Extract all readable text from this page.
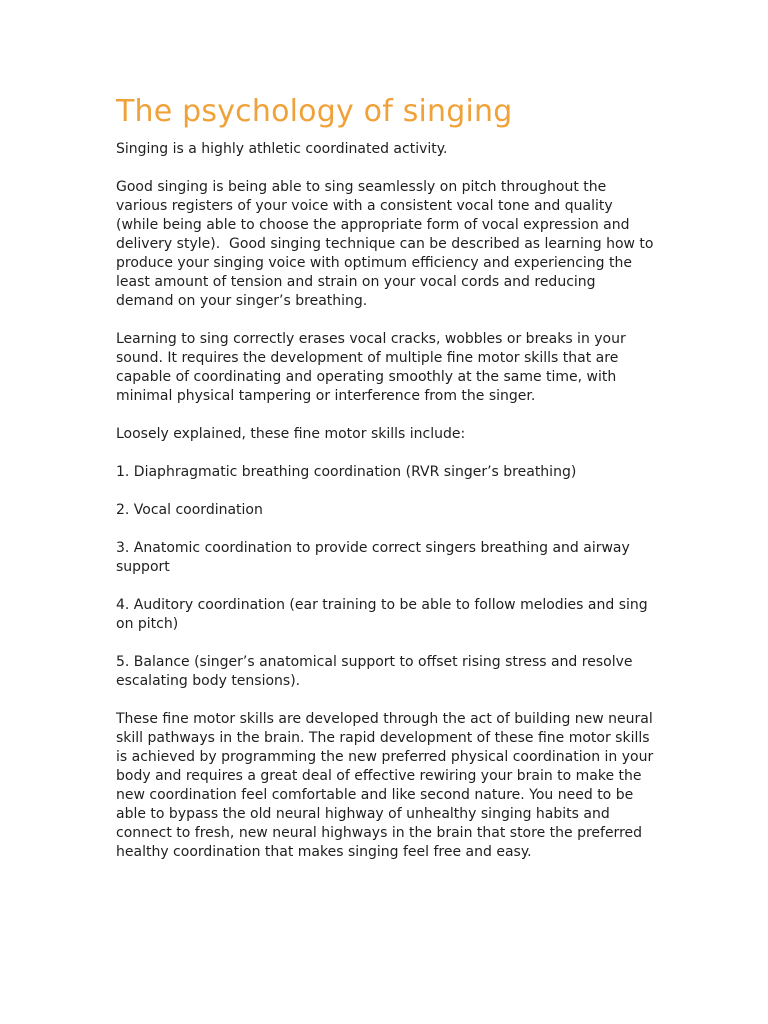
The psychology of singing

Singing is a highly athletic coordinated activity.

Good singing is being able to sing seamlessly on pitch throughout the various registers of your voice with a consistent vocal tone and quality (while being able to choose the appropriate form of vocal expression and delivery style).  Good singing technique can be described as learning how to produce your singing voice with optimum efficiency and experiencing the least amount of tension and strain on your vocal cords and reducing demand on your singer’s breathing.

Learning to sing correctly erases vocal cracks, wobbles or breaks in your sound. It requires the development of multiple fine motor skills that are capable of coordinating and operating smoothly at the same time, with minimal physical tampering or interference from the singer.

Loosely explained, these fine motor skills include:

1. Diaphragmatic breathing coordination (RVR singer’s breathing)

2. Vocal coordination

3. Anatomic coordination to provide correct singers breathing and airway support

4. Auditory coordination (ear training to be able to follow melodies and sing on pitch)

5. Balance (singer’s anatomical support to offset rising stress and resolve escalating body tensions).

These fine motor skills are developed through the act of building new neural skill pathways in the brain. The rapid development of these fine motor skills is achieved by programming the new preferred physical coordination in your body and requires a great deal of effective rewiring your brain to make the new coordination feel comfortable and like second nature. You need to be able to bypass the old neural highway of unhealthy singing habits and connect to fresh, new neural highways in the brain that store the preferred healthy coordination that makes singing feel free and easy.
